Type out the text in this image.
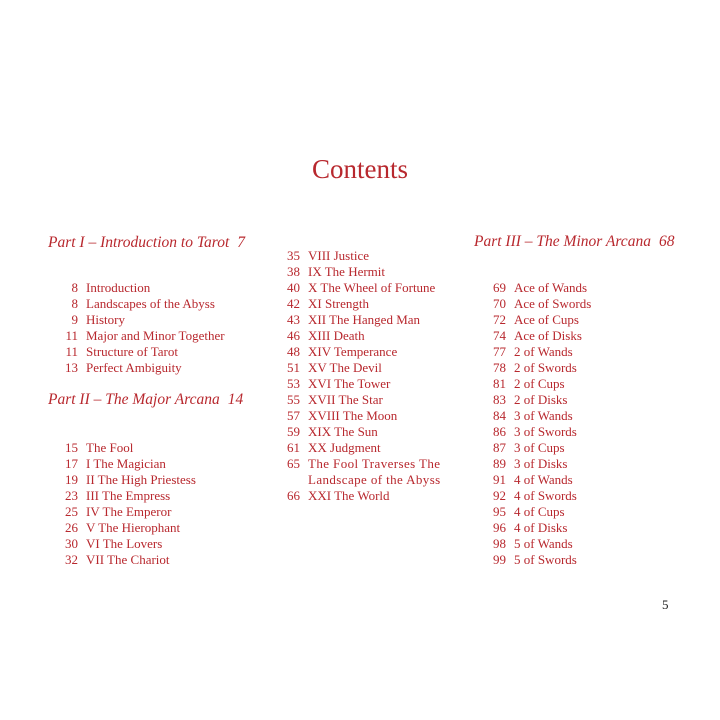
Contents
Part I – Introduction to Tarot 7
8 Introduction
8 Landscapes of the Abyss
9 History
11 Major and Minor Together
11 Structure of Tarot
13 Perfect Ambiguity
Part II – The Major Arcana 14
15 The Fool
17 I The Magician
19 II The High Priestess
23 III The Empress
25 IV The Emperor
26 V The Hierophant
30 VI The Lovers
32 VII The Chariot
35 VIII Justice
38 IX The Hermit
40 X The Wheel of Fortune
42 XI Strength
43 XII The Hanged Man
46 XIII Death
48 XIV Temperance
51 XV The Devil
53 XVI The Tower
55 XVII The Star
57 XVIII The Moon
59 XIX The Sun
61 XX Judgment
65 The Fool Traverses The Landscape of the Abyss
66 XXI The World
Part III – The Minor Arcana 68
69 Ace of Wands
70 Ace of Swords
72 Ace of Cups
74 Ace of Disks
77 2 of Wands
78 2 of Swords
81 2 of Cups
83 2 of Disks
84 3 of Wands
86 3 of Swords
87 3 of Cups
89 3 of Disks
91 4 of Wands
92 4 of Swords
95 4 of Cups
96 4 of Disks
98 5 of Wands
99 5 of Swords
5
